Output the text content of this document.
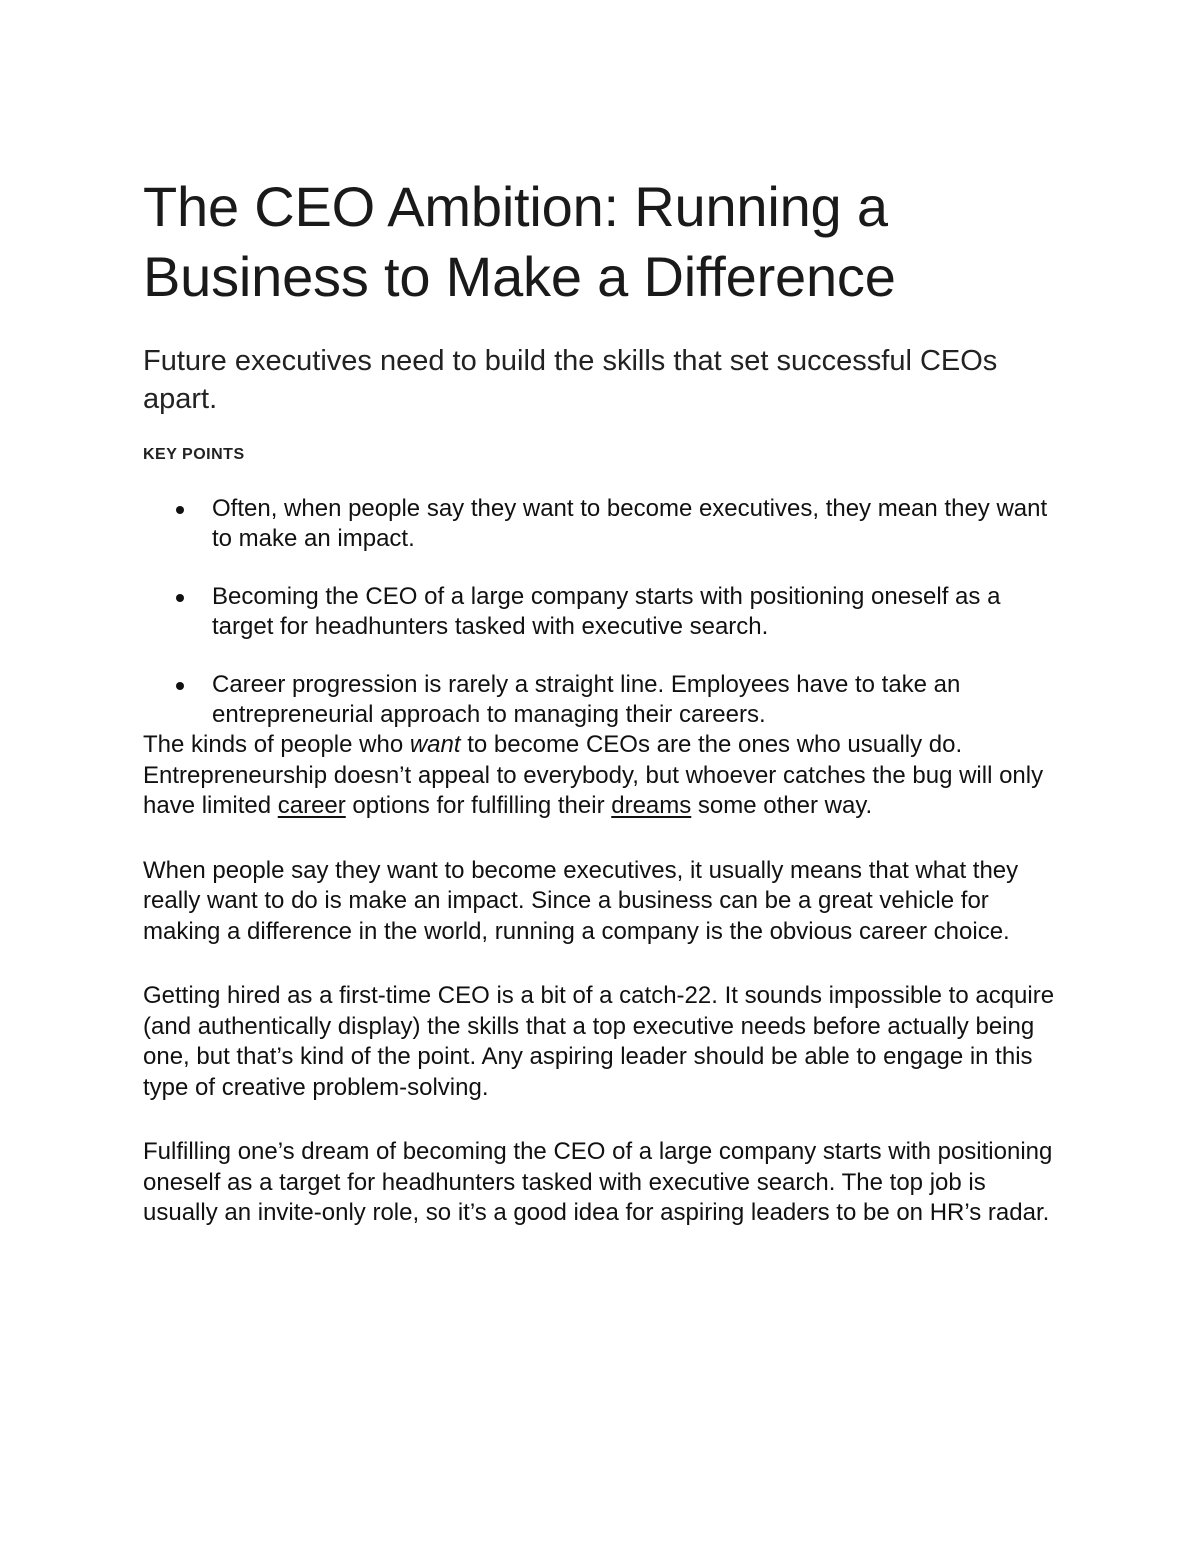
The CEO Ambition: Running a Business to Make a Difference
Future executives need to build the skills that set successful CEOs apart.
KEY POINTS
Often, when people say they want to become executives, they mean they want to make an impact.
Becoming the CEO of a large company starts with positioning oneself as a target for headhunters tasked with executive search.
Career progression is rarely a straight line. Employees have to take an entrepreneurial approach to managing their careers.

The kinds of people who want to become CEOs are the ones who usually do. Entrepreneurship doesn’t appeal to everybody, but whoever catches the bug will only have limited career options for fulfilling their dreams some other way.

When people say they want to become executives, it usually means that what they really want to do is make an impact. Since a business can be a great vehicle for making a difference in the world, running a company is the obvious career choice.

Getting hired as a first-time CEO is a bit of a catch-22. It sounds impossible to acquire (and authentically display) the skills that a top executive needs before actually being one, but that’s kind of the point. Any aspiring leader should be able to engage in this type of creative problem-solving.

Fulfilling one’s dream of becoming the CEO of a large company starts with positioning oneself as a target for headhunters tasked with executive search. The top job is usually an invite-only role, so it’s a good idea for aspiring leaders to be on HR’s radar.
